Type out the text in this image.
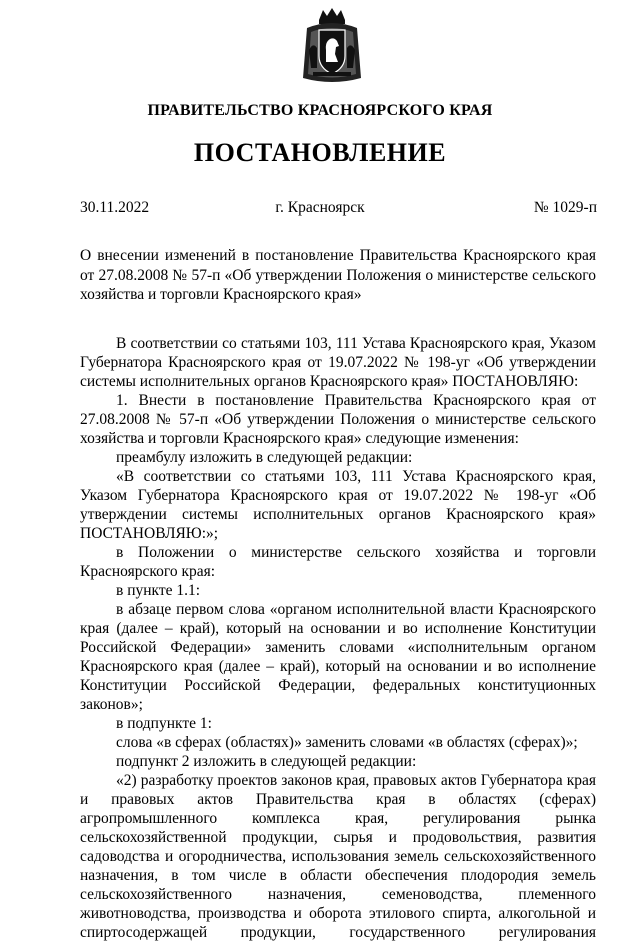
ПРАВИТЕЛЬСТВО КРАСНОЯРСКОГО КРАЯ
ПОСТАНОВЛЕНИЕ
30.11.2022	г. Красноярск	№ 1029-п
О внесении изменений в постановление Правительства Красноярского края от 27.08.2008 № 57-п «Об утверждении Положения о министерстве сельского хозяйства и торговли Красноярского края»

В соответствии со статьями 103, 111 Устава Красноярского края, Указом Губернатора Красноярского края от 19.07.2022 № 198-уг «Об утверждении системы исполнительных органов Красноярского края» ПОСТАНОВЛЯЮ:

1. Внести в постановление Правительства Красноярского края от 27.08.2008 № 57-п «Об утверждении Положения о министерстве сельского хозяйства и торговли Красноярского края» следующие изменения:

преамбулу изложить в следующей редакции:

«В соответствии со статьями 103, 111 Устава Красноярского края, Указом Губернатора Красноярского края от 19.07.2022 № 198-уг «Об утверждении системы исполнительных органов Красноярского края» ПОСТАНОВЛЯЮ:»;

в Положении о министерстве сельского хозяйства и торговли Красноярского края:

в пункте 1.1:

в абзаце первом слова «органом исполнительной власти Красноярского края (далее – край), который на основании и во исполнение Конституции Российской Федерации» заменить словами «исполнительным органом Красноярского края (далее – край), который на основании и во исполнение Конституции Российской Федерации, федеральных конституционных законов»;

в подпункте 1:

слова «в сферах (областях)» заменить словами «в областях (сферах)»;

подпункт 2 изложить в следующей редакции:

«2) разработку проектов законов края, правовых актов Губернатора края и правовых актов Правительства края в областях (сферах) агропромышленного комплекса края, регулирования рынка сельскохозяйственной продукции, сырья и продовольствия, развития садоводства и огородничества, использования земель сельскохозяйственного назначения, в том числе в области обеспечения плодородия земель сельскохозяйственного назначения, семеноводства, племенного животноводства, производства и оборота этилового спирта, алкогольной и спиртосодержащей продукции, государственного регулирования
